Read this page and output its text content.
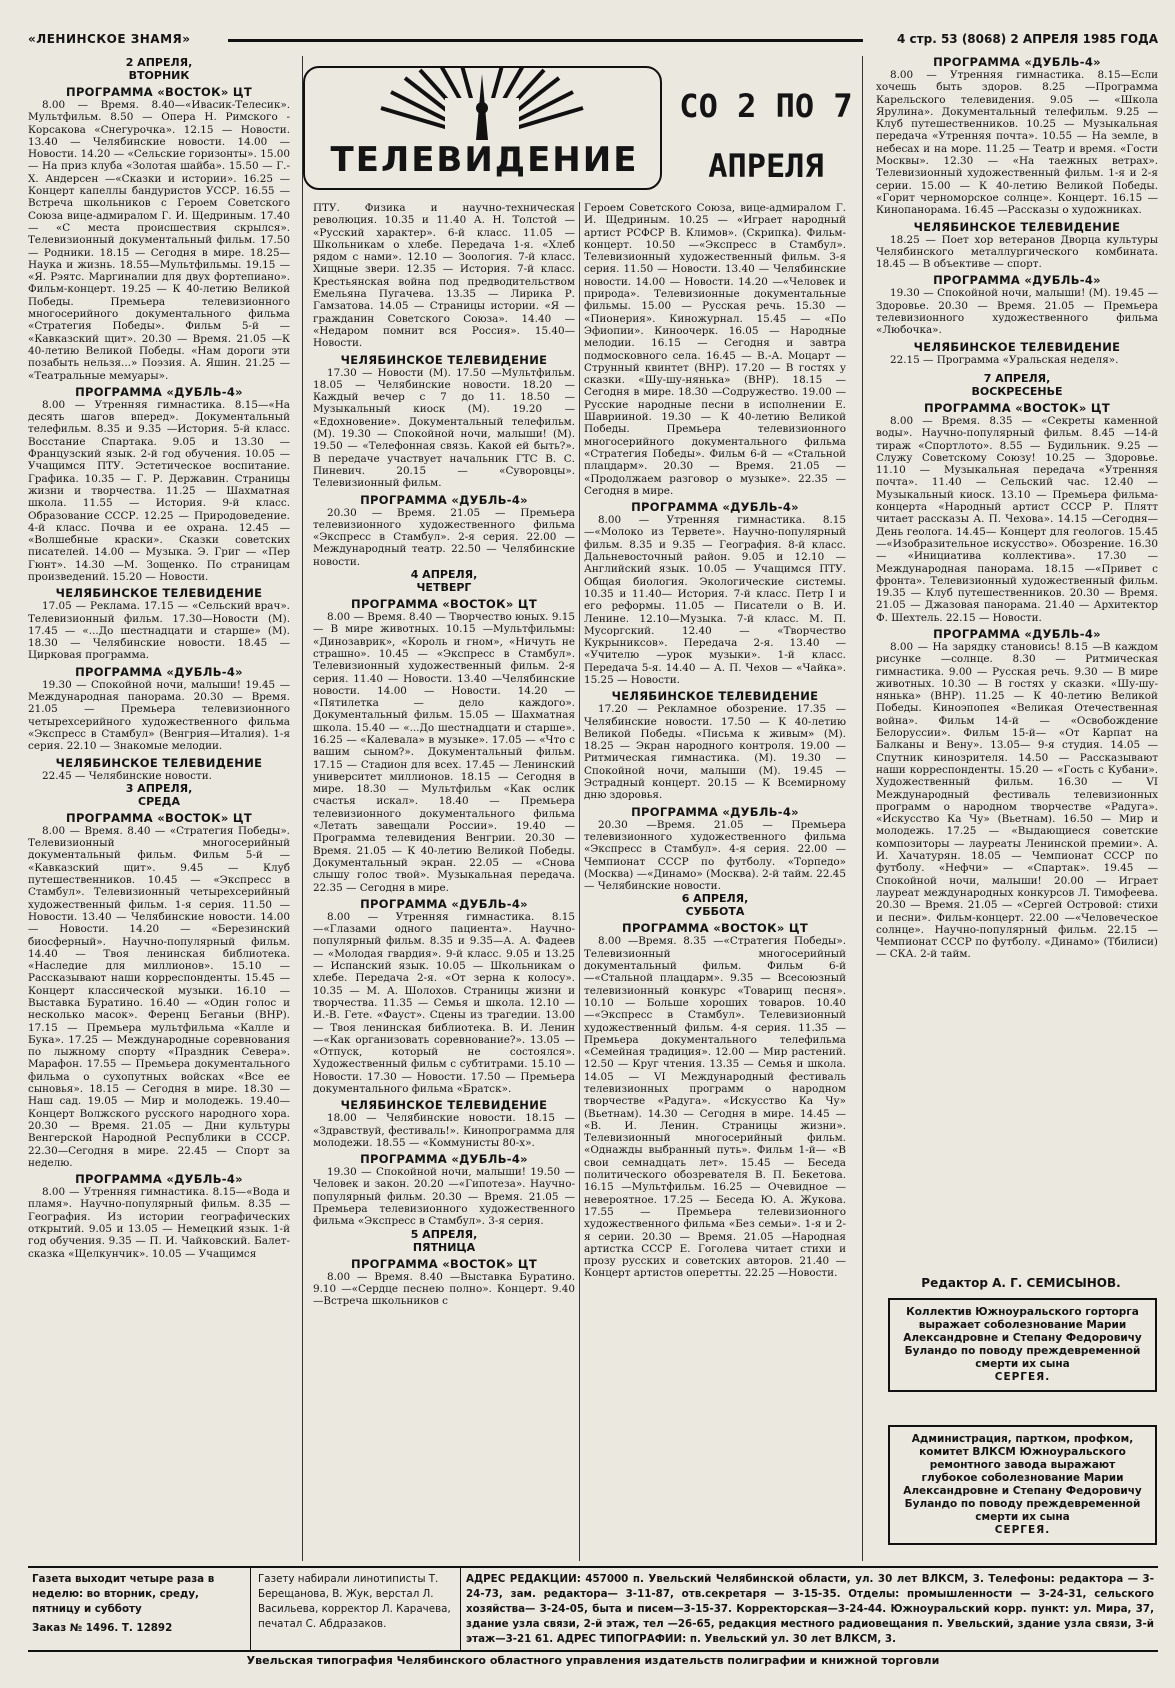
«ЛЕНИНСКОЕ ЗНАМЯ»	4 стр. 53 (8068) 2 АПРЕЛЯ 1985 ГОДА
2 АПРЕЛЯ,
ВТОРНИК
ПРОГРАММА «ВОСТОК» ЦТ

8.00 — Время. 8.40—«Ивасик-Телесик». Мультфильм. 8.50 — Опера Н. Римского - Корсакова «Снегурочка». 12.15 — Новости. 13.40 — Челябинские новости. 14.00 — Новости. 14.20 — «Сельские горизонты». 15.00 — На приз клуба «Золотая шайба». 15.50 — Г.-Х. Андерсен —«Сказки и истории». 16.25 — Концерт капеллы бандуристов УССР. 16.55 — Встреча школьников с Героем Советского Союза вице-адмиралом Г. И. Щедриным. 17.40 — «С места происшествия скрылся». Телевизионный документальный фильм. 17.50 — Родники. 18.15 — Сегодня в мире. 18.25—Наука и жизнь. 18.55—Мультфильмы. 19.15 — «Я. Рэятс. Маргиналии для двух фортепиано». Фильм-концерт. 19.25 — К 40-летию Великой Победы. Премьера телевизионного многосерийного документального фильма «Стратегия Победы». Фильм 5-й — «Кавказский щит». 20.30 — Время. 21.05 —К 40-летию Великой Победы. «Нам дороги эти позабыть нельзя...» Поэзия. А. Яшин. 21.25 — «Театральные мемуары».

ПРОГРАММА «ДУБЛЬ-4»

8.00 — Утренняя гимнастика. 8.15—«На десять шагов вперед». Документальный телефильм. 8.35 и 9.35 —История. 5-й класс. Восстание Спартака. 9.05 и 13.30 — Французский язык. 2-й год обучения. 10.05 — Учащимся ПТУ. Эстетическое воспитание. Графика. 10.35 — Г. Р. Державин. Страницы жизни и творчества. 11.25 — Шахматная школа. 11.55 — История. 9-й класс. Образование СССР. 12.25 — Природоведение. 4-й класс. Почва и ее охрана. 12.45 — «Волшебные краски». Сказки советских писателей. 14.00 — Музыка. Э. Григ — «Пер Гюнт». 14.30 —М. Зощенко. По страницам произведений. 15.20 — Новости.

ЧЕЛЯБИНСКОЕ ТЕЛЕВИДЕНИЕ

17.05 — Реклама. 17.15 — «Сельский врач». Телевизионный фильм. 17.30—Новости (М). 17.45 — «...До шестнадцати и старше» (М). 18.30 — Челябинские новости. 18.45 — Цирковая программа.

ПРОГРАММА «ДУБЛЬ-4»

19.30 — Спокойной ночи, малыши! 19.45 — Международная панорама. 20.30 — Время. 21.05 — Премьера телевизионного четырехсерийного художественного фильма «Экспресс в Стамбул» (Венгрия—Италия). 1-я серия. 22.10 — Знакомые мелодии.

ЧЕЛЯБИНСКОЕ ТЕЛЕВИДЕНИЕ

22.45 — Челябинские новости.

3 АПРЕЛЯ,
СРЕДА
ПРОГРАММА «ВОСТОК» ЦТ

8.00 — Время. 8.40 — «Стратегия Победы». Телевизионный многосерийный документальный фильм. Фильм 5-й — «Кавказский щит». 9.45 — Клуб путешественников. 10.45 — «Экспресс в Стамбул». Телевизионный четырехсерийный художественный фильм. 1-я серия. 11.50 — Новости. 13.40 — Челябинские новости. 14.00 — Новости. 14.20 — «Березинский биосферный». Научно-популярный фильм. 14.40 — Твоя ленинская библиотека. «Наследие для миллионов». 15.10 — Рассказывают наши корреспонденты. 15.45 — Концерт классической музыки. 16.10 — Выставка Буратино. 16.40 — «Один голос и несколько масок». Ференц Беганьи (ВНР). 17.15 — Премьера мультфильма «Калле и Бука». 17.25 — Международные соревнования по лыжному спорту «Праздник Севера». Марафон. 17.55 — Премьера документального фильма о сухопутных войсках «Все ее сыновья». 18.15 — Сегодня в мире. 18.30 — Наш сад. 19.05 — Мир и молодежь. 19.40— Концерт Волжского русского народного хора. 20.30 — Время. 21.05 — Дни культуры Венгерской Народной Республики в СССР. 22.30—Сегодня в мире. 22.45 — Спорт за неделю.

ПРОГРАММА «ДУБЛЬ-4»

8.00 — Утренняя гимнастика. 8.15—«Вода и пламя». Научно-популярный фильм. 8.35 — География. Из истории географических открытий. 9.05 и 13.05 — Немецкий язык. 1-й год обучения. 9.35 — П. И. Чайковский. Балет-сказка «Щелкунчик». 10.05 — Учащимся

ТЕЛЕВИДЕНИЕ
СО 2 ПО 7
АПРЕЛЯ

ПТУ. Физика и научно-техническая революция. 10.35 и 11.40 А. Н. Толстой — «Русский характер». 6-й класс. 11.05 — Школьникам о хлебе. Передача 1-я. «Хлеб рядом с нами». 12.10 — Зоология. 7-й класс. Хищные звери. 12.35 — История. 7-й класс. Крестьянская война под предводительством Емельяна Пугачева. 13.35 — Лирика Р. Гамзатова. 14.05 — Страницы истории. «Я — гражданин Советского Союза». 14.40 — «Недаром помнит вся Россия». 15.40—Новости.

ЧЕЛЯБИНСКОЕ ТЕЛЕВИДЕНИЕ

17.30 — Новости (М). 17.50 —Мультфильм. 18.05 — Челябинские новости. 18.20 — Каждый вечер с 7 до 11. 18.50 — Музыкальный киоск (М). 19.20 — «Едохновение». Документальный телефильм. (М). 19.30 — Спокойной ночи, малыши! (М). 19.50 — «Телефонная связь. Какой ей быть?». В передаче участвует начальник ГТС В. С. Пиневич. 20.15 — «Суворовцы». Телевизионный фильм.

ПРОГРАММА «ДУБЛЬ-4»

20.30 — Время. 21.05 — Премьера телевизионного художественного фильма «Экспресс в Стамбул». 2-я серия. 22.00 — Международный театр. 22.50 — Челябинские новости.

4 АПРЕЛЯ,
ЧЕТВЕРГ
ПРОГРАММА «ВОСТОК» ЦТ

8.00 — Время. 8.40 — Творчество юных. 9.15 — В мире животных. 10.15 —Мультфильмы: «Динозаврик», «Король и гном», «Ничуть не страшно». 10.45 — «Экспресс в Стамбул». Телевизионный художественный фильм. 2-я серия. 11.40 — Новости. 13.40 —Челябинские новости. 14.00 — Новости. 14.20 — «Пятилетка — дело каждого». Документальный фильм. 15.05 — Шахматная школа. 15.40 — «...До шестнадцати и старше». 16.25 — «Калевала» в музыке». 17.05 — «Что с вашим сыном?». Документальный фильм. 17.15 — Стадион для всех. 17.45 — Ленинский университет миллионов. 18.15 — Сегодня в мире. 18.30 — Мультфильм «Как ослик счастья искал». 18.40 — Премьера телевизионного документального фильма «Летать завещали России». 19.40 — Программа телевидения Венгрии. 20.30 — Время. 21.05 — К 40-летию Великой Победы. Документальный экран. 22.05 — «Снова слышу голос твой». Музыкальная передача. 22.35 — Сегодня в мире.

ПРОГРАММА «ДУБЛЬ-4»

8.00 — Утренняя гимнастика. 8.15—«Глазами одного пациента». Научно-популярный фильм. 8.35 и 9.35—А. А. Фадеев — «Молодая гвардия». 9-й класс. 9.05 и 13.25 — Испанский язык. 10.05 — Школьникам о хлебе. Передача 2-я. «От зерна к колосу». 10.35 — М. А. Шолохов. Страницы жизни и творчества. 11.35 — Семья и школа. 12.10 — И.-В. Гете. «Фауст». Сцены из трагедии. 13.00 — Твоя ленинская библиотека. В. И. Ленин —«Как организовать соревнование?». 13.05 — «Отпуск, который не состоялся». Художественный фильм с субтитрами. 15.10 — Новости. 17.30 — Новости. 17.50 — Премьера документального фильма «Братск».

ЧЕЛЯБИНСКОЕ ТЕЛЕВИДЕНИЕ

18.00 — Челябинские новости. 18.15 — «Здравствуй, фестиваль!». Кинопрограмма для молодежи. 18.55 — «Коммунисты 80-х».

ПРОГРАММА «ДУБЛЬ-4»

19.30 — Спокойной ночи, малыши! 19.50 — Человек и закон. 20.20 —«Гипотеза». Научно-популярный фильм. 20.30 — Время. 21.05 — Премьера телевизионного художественного фильма «Экспресс в Стамбул». 3-я серия.

5 АПРЕЛЯ,
ПЯТНИЦА
ПРОГРАММА «ВОСТОК» ЦТ

8.00 — Время. 8.40 —Выставка Буратино. 9.10 —«Сердце песнею полно». Концерт. 9.40 —Встреча школьников с

Героем Советского Союза, вице-адмиралом Г. И. Щедриным. 10.25 — «Играет народный артист РСФСР В. Климов». (Скрипка). Фильм-концерт. 10.50 —«Экспресс в Стамбул». Телевизионный художественный фильм. 3-я серия. 11.50 — Новости. 13.40 — Челябинские новости. 14.00 — Новости. 14.20 —«Человек и природа». Телевизионные документальные фильмы. 15.00 — Русская речь. 15.30 — «Пионерия». Киножурнал. 15.45 — «По Эфиопии». Киноочерк. 16.05 — Народные мелодии. 16.15 — Сегодня и завтра подмосковного села. 16.45 — В.-А. Моцарт — Струнный квинтет (ВНР). 17.20 — В гостях у сказки. «Шу-шу-нянька» (ВНР). 18.15 — Сегодня в мире. 18.30 —Содружество. 19.00 — Русские народные песни в исполнении Е. Шаврииной. 19.30 — К 40-летию Великой Победы. Премьера телевизионного многосерийного документального фильма «Стратегия Победы». Фильм 6-й — «Стальной плацдарм». 20.30 — Время. 21.05 — «Продолжаем разговор о музыке». 22.35 — Сегодня в мире.

ПРОГРАММА «ДУБЛЬ-4»

8.00 — Утренняя гимнастика. 8.15—«Молоко из Тервете». Научно-популярный фильм. 8.35 и 9.35 — География. 8-й класс. Дальневосточный район. 9.05 и 12.10 — Английский язык. 10.05 — Учащимся ПТУ. Общая биология. Экологические системы. 10.35 и 11.40— История. 7-й класс. Петр I и его реформы. 11.05 — Писатели о В. И. Ленине. 12.10—Музыка. 7-й класс. М. П. Мусоргский. 12.40 — «Творчество Кукрыниксов». Передача 2-я. 13.40 — «Учителю —урок музыки». 1-й класс. Передача 5-я. 14.40 — А. П. Чехов — «Чайка». 15.25 — Новости.

ЧЕЛЯБИНСКОЕ ТЕЛЕВИДЕНИЕ

17.20 — Рекламное обозрение. 17.35 — Челябинские новости. 17.50 — К 40-летию Великой Победы. «Письма к живым» (М). 18.25 — Экран народного контроля. 19.00 — Ритмическая гимнастика. (М). 19.30 — Спокойной ночи, малыши (М). 19.45 —Эстрадный концерт. 20.15 — К Всемирному дню здоровья.

ПРОГРАММА «ДУБЛЬ-4»

20.30 —Время. 21.05 — Премьера телевизионного художественного фильма «Экспресс в Стамбул». 4-я серия. 22.00 — Чемпионат СССР по футболу. «Торпедо» (Москва) —«Динамо» (Москва). 2-й тайм. 22.45 — Челябинские новости.

6 АПРЕЛЯ,
СУББОТА
ПРОГРАММА «ВОСТОК» ЦТ

8.00 —Время. 8.35 —«Стратегия Победы». Телевизионный многосерийный документальный фильм. Фильм 6-й—«Стальной плацдарм». 9.35 — Всесоюзный телевизионный конкурс «Товарищ песня». 10.10 — Больше хороших товаров. 10.40 —«Экспресс в Стамбул». Телевизионный художественный фильм. 4-я серия. 11.35 — Премьера документального телефильма «Семейная традиция». 12.00 — Мир растений. 12.50 — Круг чтения. 13.35 — Семья и школа. 14.05 — VI Международный фестиваль телевизионных программ о народном творчестве «Радуга». «Искусство Ка Чу» (Вьетнам). 14.30 — Сегодня в мире. 14.45 — «В. И. Ленин. Страницы жизни». Телевизионный многосерийный фильм. «Однажды выбранный путь». Фильм 1-й— «В свои семнадцать лет». 15.45 — Беседа политического обозревателя В. П. Бекетова. 16.15 —Мультфильм. 16.25 — Очевидное —невероятное. 17.25 — Беседа Ю. А. Жукова. 17.55 — Премьера телевизионного художественного фильма «Без семьи». 1-я и 2-я серии. 20.30 — Время. 21.05 —Народная артистка СССР Е. Гоголева читает стихи и прозу русских и советских авторов. 21.40 — Концерт артистов оперетты. 22.25 —Новости.

ПРОГРАММА «ДУБЛЬ-4»

8.00 — Утренняя гимнастика. 8.15—Если хочешь быть здоров. 8.25 —Программа Карельского телевидения. 9.05 — «Школа Ярулина». Документальный телефильм. 9.25 — Клуб путешественников. 10.25 — Музыкальная передача «Утренняя почта». 10.55 — На земле, в небесах и на море. 11.25 — Театр и время. «Гости Москвы». 12.30 — «На таежных ветрах». Телевизионный художественный фильм. 1-я и 2-я серии. 15.00 — К 40-летию Великой Победы. «Горит черноморское солнце». Концерт. 16.15 —Кинопанорама. 16.45 —Рассказы о художниках.

ЧЕЛЯБИНСКОЕ ТЕЛЕВИДЕНИЕ

18.25 — Поет хор ветеранов Дворца культуры Челябинского металлургического комбината. 18.45 — В объективе — спорт.

ПРОГРАММА «ДУБЛЬ-4»

19.30 — Спокойной ночи, малыши! (М). 19.45 — Здоровье. 20.30 — Время. 21.05 — Премьера телевизионного художественного фильма «Любочка».

ЧЕЛЯБИНСКОЕ ТЕЛЕВИДЕНИЕ

22.15 — Программа «Уральская неделя».

7 АПРЕЛЯ,
ВОСКРЕСЕНЬЕ
ПРОГРАММА «ВОСТОК» ЦТ

8.00 — Время. 8.35 — «Секреты каменной воды». Научно-популярный фильм. 8.45 —14-й тираж «Спортлото». 8.55 — Будильник. 9.25 — Служу Советскому Союзу! 10.25 — Здоровье. 11.10 — Музыкальная передача «Утренняя почта». 11.40 — Сельский час. 12.40 — Музыкальный киоск. 13.10 — Премьера фильма-концерта «Народный артист СССР Р. Плятт читает рассказы А. П. Чехова». 14.15 —Сегодня—День геолога. 14.45— Концерт для геологов. 15.45 —«Изобразительное искусство». Обозрение. 16.30— «Инициатива коллектива». 17.30 — Международная панорама. 18.15 —«Привет с фронта». Телевизионный художественный фильм. 19.35 — Клуб путешественников. 20.30 — Время. 21.05 — Джазовая панорама. 21.40 — Архитектор Ф. Шехтель. 22.15 — Новости.

ПРОГРАММА «ДУБЛЬ-4»

8.00 — На зарядку становись! 8.15 —В каждом рисунке —солнце. 8.30 — Ритмическая гимнастика. 9.00 — Русская речь. 9.30 — В мире животных. 10.30 — В гостях у сказки. «Шу-шу-нянька» (ВНР). 11.25 — К 40-летию Великой Победы. Киноэпопея «Великая Отечественная война». Фильм 14-й — «Освобождение Белоруссии». Фильм 15-й— «От Карпат на Балканы и Вену». 13.05— 9-я студия. 14.05 —Спутник кинозрителя. 14.50 — Рассказывают наши корреспонденты. 15.20 — «Гость с Кубани». Художественный фильм. 16.30 — VI Международный фестиваль телевизионных программ о народном творчестве «Радуга». «Искусство Ка Чу» (Вьетнам). 16.50 — Мир и молодежь. 17.25 — «Выдающиеся советские композиторы — лауреаты Ленинской премии». А. И. Хачатурян. 18.05 — Чемпионат СССР по футболу. «Нефчи» — «Спартак». 19.45 — Спокойной ночи, малыши! 20.00 — Играет лауреат международных конкурсов Л. Тимофеева. 20.30 — Время. 21.05 — «Сергей Островой: стихи и песни». Фильм-концерт. 22.00 —«Человеческое солнце». Научно-популярный фильм. 22.15 — Чемпионат СССР по футболу. «Динамо» (Тбилиси) — СКА. 2-й тайм.

Редактор А. Г. СЕМИСЫНОВ.
Коллектив Южноуральского горторга выражает соболезнование Марии Александровне и Степану Федоровичу Буландо по поводу преждевременной смерти их сына
СЕРГЕЯ.
Администрация, партком, профком, комитет ВЛКСМ Южноуральского ремонтного завода выражают глубокое соболезнование Марии Александровне и Степану Федоровичу Буландо по поводу преждевременной смерти их сына
СЕРГЕЯ.
Газета выходит четыре раза в неделю: во вторник, среду, пятницу и субботу
Заказ № 1496. Т. 12892
Газету набирали линотиписты Т. Берещанова, В. Жук, верстал Л. Васильева, корректор Л. Карачева, печатал С. Абдразаков.
АДРЕС РЕДАКЦИИ: 457000 п. Увельский Челябинской области, ул. 30 лет ВЛКСМ, 3. Телефоны: редактора — 3-24-73, зам. редактора— 3-11-87, отв.секретаря — 3-15-35. Отделы: промышленности — 3-24-31, сельского хозяйства— 3-24-05, быта и писем—3-15-37. Корректорская—3-24-44. Южноуральский корр. пункт: ул. Мира, 37, здание узла связи, 2-й этаж, тел —26-65, редакция местного радиовещания п. Увельский, здание узла связи, 3-й этаж—3-21 61. АДРЕС ТИПОГРАФИИ: п. Увельский ул. 30 лет ВЛКСМ, 3.
Увельская типография Челябинского областного управления издательств полиграфии и книжной торговли
